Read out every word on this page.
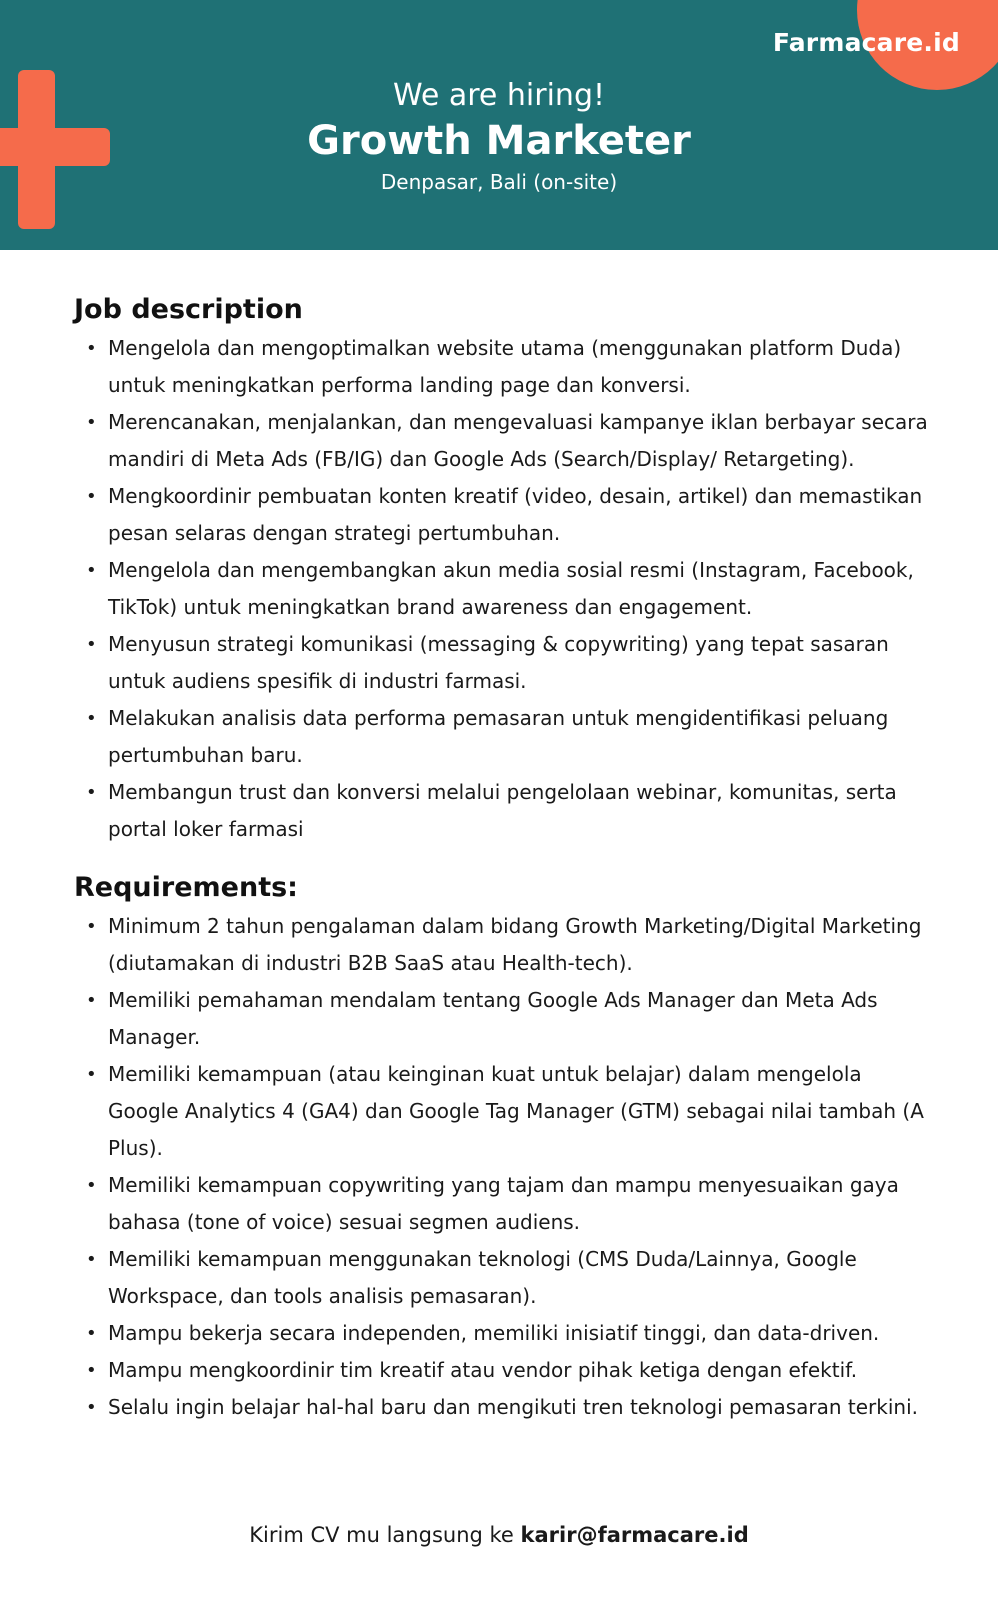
Farmacare.id
We are hiring!
Growth Marketer
Denpasar, Bali (on-site)
Job description
• Mengelola dan mengoptimalkan website utama (menggunakan platform Duda) untuk meningkatkan performa landing page dan konversi.
• Merencanakan, menjalankan, dan mengevaluasi kampanye iklan berbayar secara mandiri di Meta Ads (FB/IG) dan Google Ads (Search/Display/ Retargeting).
• Mengkoordinir pembuatan konten kreatif (video, desain, artikel) dan memastikan pesan selaras dengan strategi pertumbuhan.
• Mengelola dan mengembangkan akun media sosial resmi (Instagram, Facebook, TikTok) untuk meningkatkan brand awareness dan engagement.
• Menyusun strategi komunikasi (messaging & copywriting) yang tepat sasaran untuk audiens spesifik di industri farmasi.
• Melakukan analisis data performa pemasaran untuk mengidentifikasi peluang pertumbuhan baru.
• Membangun trust dan konversi melalui pengelolaan webinar, komunitas, serta portal loker farmasi
Requirements:
• Minimum 2 tahun pengalaman dalam bidang Growth Marketing/Digital Marketing (diutamakan di industri B2B SaaS atau Health-tech).
• Memiliki pemahaman mendalam tentang Google Ads Manager dan Meta Ads Manager.
• Memiliki kemampuan (atau keinginan kuat untuk belajar) dalam mengelola Google Analytics 4 (GA4) dan Google Tag Manager (GTM) sebagai nilai tambah (A Plus).
• Memiliki kemampuan copywriting yang tajam dan mampu menyesuaikan gaya bahasa (tone of voice) sesuai segmen audiens.
• Memiliki kemampuan menggunakan teknologi (CMS Duda/Lainnya, Google Workspace, dan tools analisis pemasaran).
• Mampu bekerja secara independen, memiliki inisiatif tinggi, dan data-driven.
• Mampu mengkoordinir tim kreatif atau vendor pihak ketiga dengan efektif.
• Selalu ingin belajar hal-hal baru dan mengikuti tren teknologi pemasaran terkini.
Kirim CV mu langsung ke karir@farmacare.id
